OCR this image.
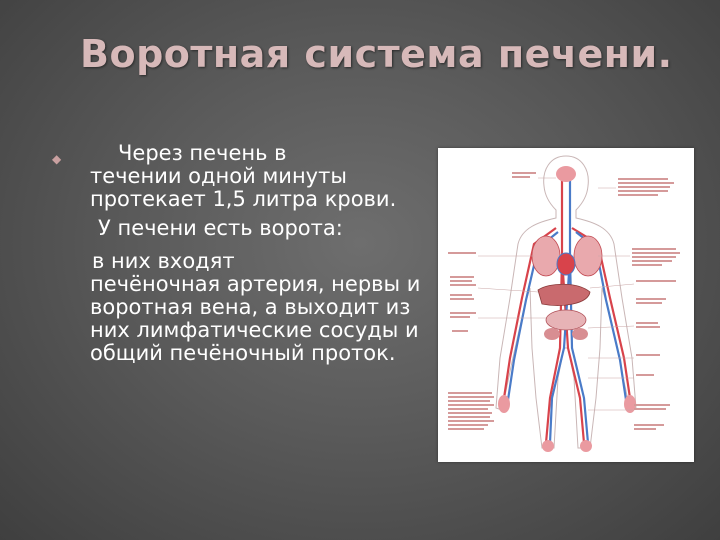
Воротная система печени.
◆	Через печень в
течении одной минуты протекает 1,5 литра крови.
У печени есть ворота:
в них входят
печёночная артерия, нервы и воротная вена, а выходит из них лимфатические сосуды и общий печёночный проток.
